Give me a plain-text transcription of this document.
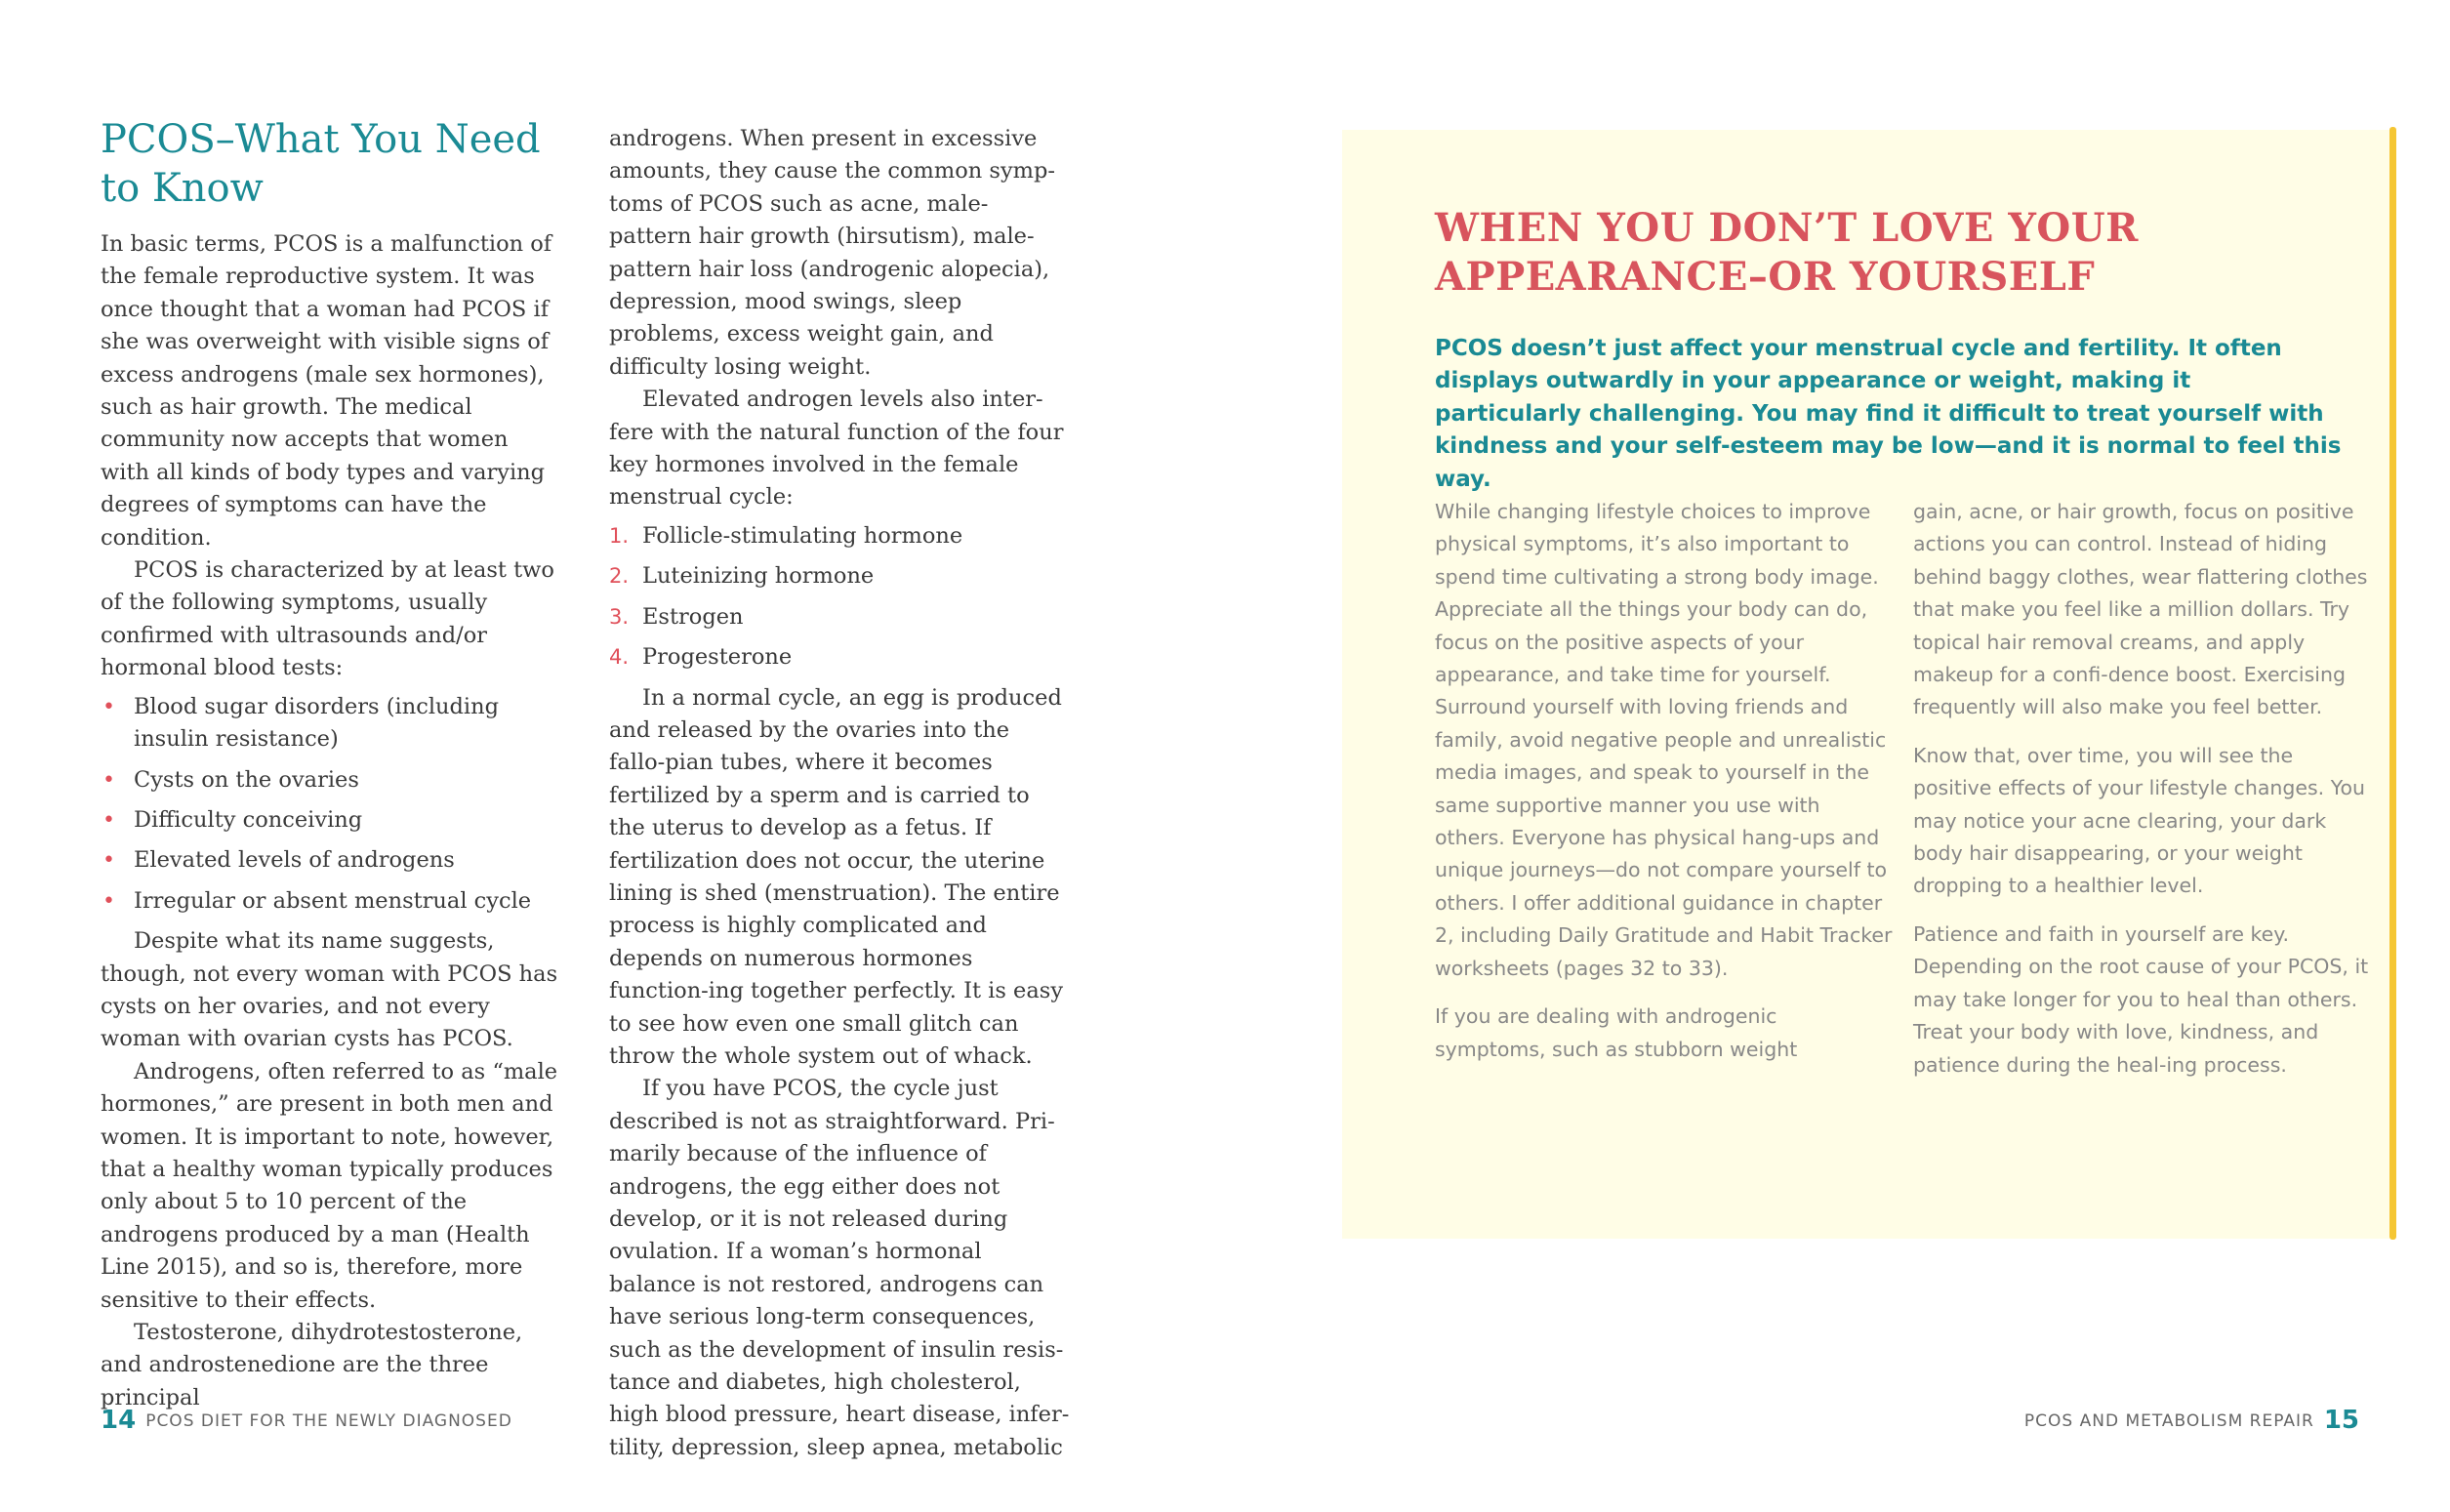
PCOS–What You Need to Know

In basic terms, PCOS is a malfunction of the female reproductive system. It was once thought that a woman had PCOS if she was overweight with visible signs of excess androgens (male sex hormones), such as hair growth. The medical community now accepts that women with all kinds of body types and varying degrees of symptoms can have the condition.

PCOS is characterized by at least two of the following symptoms, usually confirmed with ultrasounds and/or hormonal blood tests:

• Blood sugar disorders (including insulin resistance)
• Cysts on the ovaries
• Difficulty conceiving
• Elevated levels of androgens
• Irregular or absent menstrual cycle

Despite what its name suggests, though, not every woman with PCOS has cysts on her ovaries, and not every woman with ovarian cysts has PCOS.

Androgens, often referred to as “male hormones,” are present in both men and women. It is important to note, however, that a healthy woman typically produces only about 5 to 10 percent of the androgens produced by a man (Health Line 2015), and so is, therefore, more sensitive to their effects.

Testosterone, dihydrotestosterone, and androstenedione are the three principal

androgens. When present in excessive amounts, they cause the common symp-toms of PCOS such as acne, male-pattern hair growth (hirsutism), male-pattern hair loss (androgenic alopecia), depression, mood swings, sleep problems, excess weight gain, and difficulty losing weight.

Elevated androgen levels also inter-fere with the natural function of the four key hormones involved in the female menstrual cycle:

1. Follicle-stimulating hormone
2. Luteinizing hormone
3. Estrogen
4. Progesterone

In a normal cycle, an egg is produced and released by the ovaries into the fallo-pian tubes, where it becomes fertilized by a sperm and is carried to the uterus to develop as a fetus. If fertilization does not occur, the uterine lining is shed (menstruation). The entire process is highly complicated and depends on numerous hormones function-ing together perfectly. It is easy to see how even one small glitch can throw the whole system out of whack.

If you have PCOS, the cycle just described is not as straightforward. Pri-marily because of the influence of androgens, the egg either does not develop, or it is not released during ovulation. If a woman’s hormonal balance is not restored, androgens can have serious long-term consequences, such as the development of insulin resis-tance and diabetes, high cholesterol, high blood pressure, heart disease, infer-tility, depression, sleep apnea, metabolic

WHEN YOU DON’T LOVE YOUR APPEARANCE–OR YOURSELF

PCOS doesn’t just affect your menstrual cycle and fertility. It often displays outwardly in your appearance or weight, making it particularly challenging. You may find it difficult to treat yourself with kindness and your self-esteem may be low—and it is normal to feel this way.

While changing lifestyle choices to improve physical symptoms, it’s also important to spend time cultivating a strong body image. Appreciate all the things your body can do, focus on the positive aspects of your appearance, and take time for yourself. Surround yourself with loving friends and family, avoid negative people and unrealistic media images, and speak to yourself in the same supportive manner you use with others. Everyone has physical hang-ups and unique journeys—do not compare yourself to others. I offer additional guidance in chapter 2, including Daily Gratitude and Habit Tracker worksheets (pages 32 to 33).

If you are dealing with androgenic symptoms, such as stubborn weight

gain, acne, or hair growth, focus on positive actions you can control. Instead of hiding behind baggy clothes, wear flattering clothes that make you feel like a million dollars. Try topical hair removal creams, and apply makeup for a confi-dence boost. Exercising frequently will also make you feel better.

Know that, over time, you will see the positive effects of your lifestyle changes. You may notice your acne clearing, your dark body hair disappearing, or your weight dropping to a healthier level.

Patience and faith in yourself are key. Depending on the root cause of your PCOS, it may take longer for you to heal than others. Treat your body with love, kindness, and patience during the heal-ing process.

14 PCOS DIET FOR THE NEWLY DIAGNOSED	PCOS AND METABOLISM REPAIR 15
